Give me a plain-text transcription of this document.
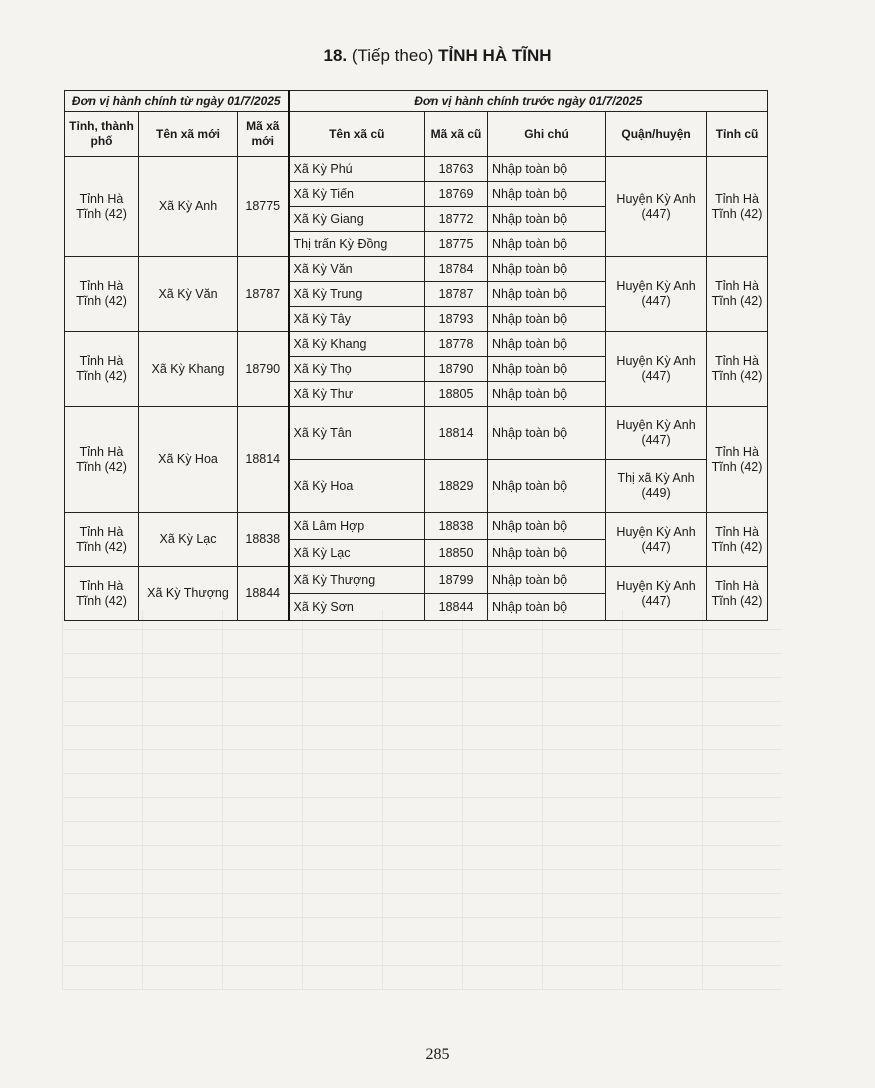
18. (Tiếp theo) TỈNH HÀ TĨNH
Đơn vị hành chính từ ngày 01/7/2025			Đơn vị hành chính trước ngày 01/7/2025				
Tỉnh, thành phố	Tên xã mới	Mã xã mới	Tên xã cũ	Mã xã cũ	Ghi chú	Quận/huyện	Tỉnh cũ
Tỉnh Hà Tĩnh (42)	Xã Kỳ Anh	18775	Xã Kỳ Phú	18763	Nhập toàn bộ	Huyện Kỳ Anh (447)	Tỉnh Hà Tĩnh (42)
			Xã Kỳ Tiến	18769	Nhập toàn bộ		
			Xã Kỳ Giang	18772	Nhập toàn bộ		
			Thị trấn Kỳ Đồng	18775	Nhập toàn bộ		
Tỉnh Hà Tĩnh (42)	Xã Kỳ Văn	18787	Xã Kỳ Văn	18784	Nhập toàn bộ	Huyện Kỳ Anh (447)	Tỉnh Hà Tĩnh (42)
			Xã Kỳ Trung	18787	Nhập toàn bộ		
			Xã Kỳ Tây	18793	Nhập toàn bộ		
Tỉnh Hà Tĩnh (42)	Xã Kỳ Khang	18790	Xã Kỳ Khang	18778	Nhập toàn bộ	Huyện Kỳ Anh (447)	Tỉnh Hà Tĩnh (42)
			Xã Kỳ Thọ	18790	Nhập toàn bộ		
			Xã Kỳ Thư	18805	Nhập toàn bộ		
Tỉnh Hà Tĩnh (42)	Xã Kỳ Hoa	18814	Xã Kỳ Tân	18814	Nhập toàn bộ	Huyện Kỳ Anh (447)	Tỉnh Hà Tĩnh (42)
			Xã Kỳ Hoa	18829	Nhập toàn bộ	Thị xã Kỳ Anh (449)	
Tỉnh Hà Tĩnh (42)	Xã Kỳ Lạc	18838	Xã Lâm Hợp	18838	Nhập toàn bộ	Huyện Kỳ Anh (447)	Tỉnh Hà Tĩnh (42)
			Xã Kỳ Lạc	18850	Nhập toàn bộ		
Tỉnh Hà Tĩnh (42)	Xã Kỳ Thượng	18844	Xã Kỳ Thượng	18799	Nhập toàn bộ	Huyện Kỳ Anh (447)	Tỉnh Hà Tĩnh (42)
			Xã Kỳ Sơn	18844	Nhập toàn bộ		
285
